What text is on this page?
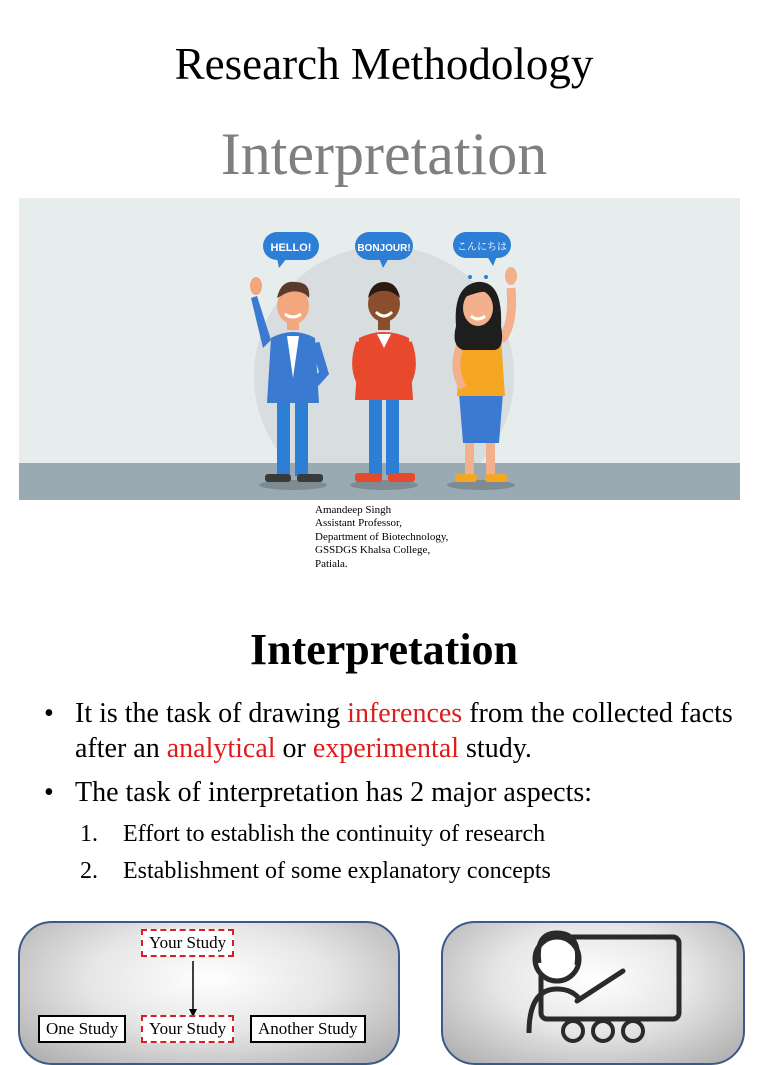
Research Methodology
Interpretation
HELLO!	BONJOUR!	こんにちは
Amandeep Singh
Assistant Professor,
Department of Biotechnology,
GSSDGS Khalsa College,
Patiala.
Interpretation
• It is the task of drawing inferences from the collected facts after an analytical or experimental study.
• The task of interpretation has 2 major aspects:
1. Effort to establish the continuity of research
2. Establishment of some explanatory concepts
Your Study
One Study	Your Study	Another Study
